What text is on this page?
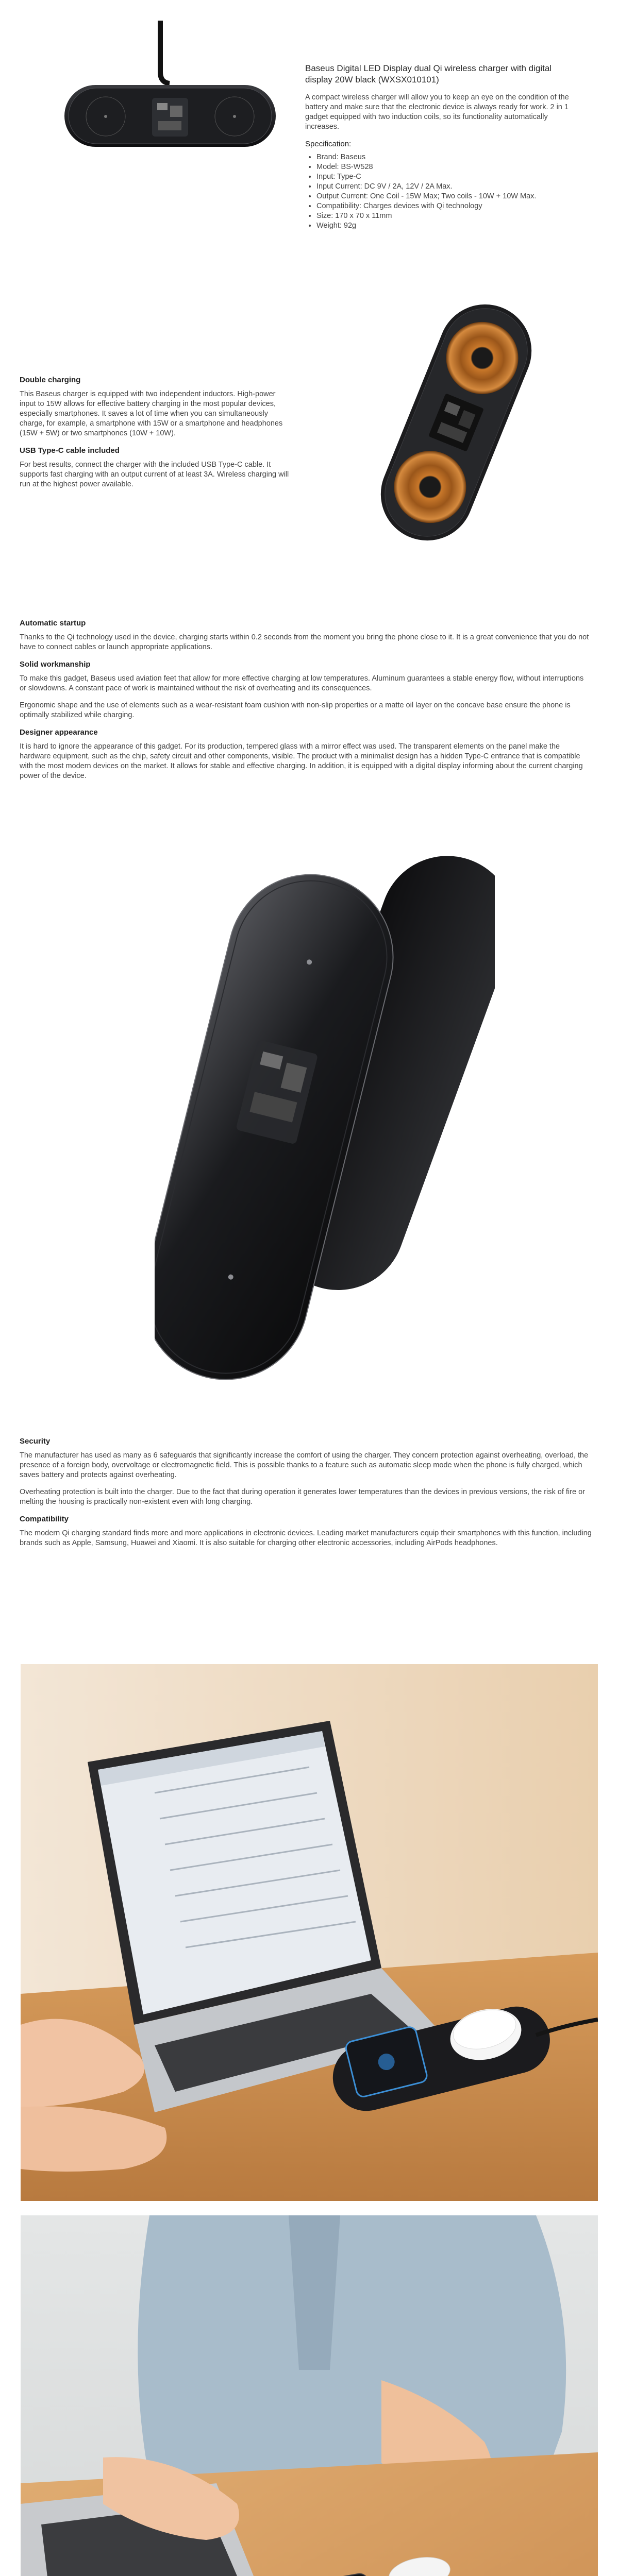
Baseus Digital LED Display dual Qi wireless charger with digital display 20W black (WXSX010101)

A compact wireless charger will allow you to keep an eye on the condition of the battery and make sure that the electronic device is always ready for work. 2 in 1 gadget equipped with two induction coils, so its functionality automatically increases.

Specification:
• Brand: Baseus
• Model: BS-W528
• Input: Type-C
• Input Current: DC 9V / 2A, 12V / 2A Max.
• Output Current: One Coil - 15W Max; Two coils - 10W + 10W Max.
• Compatibility: Charges devices with Qi technology
• Size: 170 x 70 x 11mm
• Weight: 92g
Double charging

This Baseus charger is equipped with two independent inductors. High-power input to 15W allows for effective battery charging in the most popular devices, especially smartphones. It saves a lot of time when you can simultaneously charge, for example, a smartphone with 15W or a smartphone and headphones (15W + 5W) or two smartphones (10W + 10W).

USB Type-C cable included

For best results, connect the charger with the included USB Type-C cable. It supports fast charging with an output current of at least 3A. Wireless charging will run at the highest power available.

Automatic startup

Thanks to the Qi technology used in the device, charging starts within 0.2 seconds from the moment you bring the phone close to it. It is a great convenience that you do not have to connect cables or launch appropriate applications.

Solid workmanship

To make this gadget, Baseus used aviation feet that allow for more effective charging at low temperatures. Aluminum guarantees a stable energy flow, without interruptions or slowdowns. A constant pace of work is maintained without the risk of overheating and its consequences.

Ergonomic shape and the use of elements such as a wear-resistant foam cushion with non-slip properties or a matte oil layer on the concave base ensure the phone is optimally stabilized while charging.

Designer appearance

It is hard to ignore the appearance of this gadget. For its production, tempered glass with a mirror effect was used. The transparent elements on the panel make the hardware equipment, such as the chip, safety circuit and other components, visible. The product with a minimalist design has a hidden Type-C entrance that is compatible with the most modern devices on the market. It allows for stable and effective charging. In addition, it is equipped with a digital display informing about the current charging power of the device.

Security

The manufacturer has used as many as 6 safeguards that significantly increase the comfort of using the charger. They concern protection against overheating, overload, the presence of a foreign body, overvoltage or electromagnetic field. This is possible thanks to a feature such as automatic sleep mode when the phone is fully charged, which saves battery and protects against overheating.

Overheating protection is built into the charger. Due to the fact that during operation it generates lower temperatures than the devices in previous versions, the risk of fire or melting the housing is practically non-existent even with long charging.

Compatibility

The modern Qi charging standard finds more and more applications in electronic devices. Leading market manufacturers equip their smartphones with this function, including brands such as Apple, Samsung, Huawei and Xiaomi. It is also suitable for charging other electronic accessories, including AirPods headphones.
